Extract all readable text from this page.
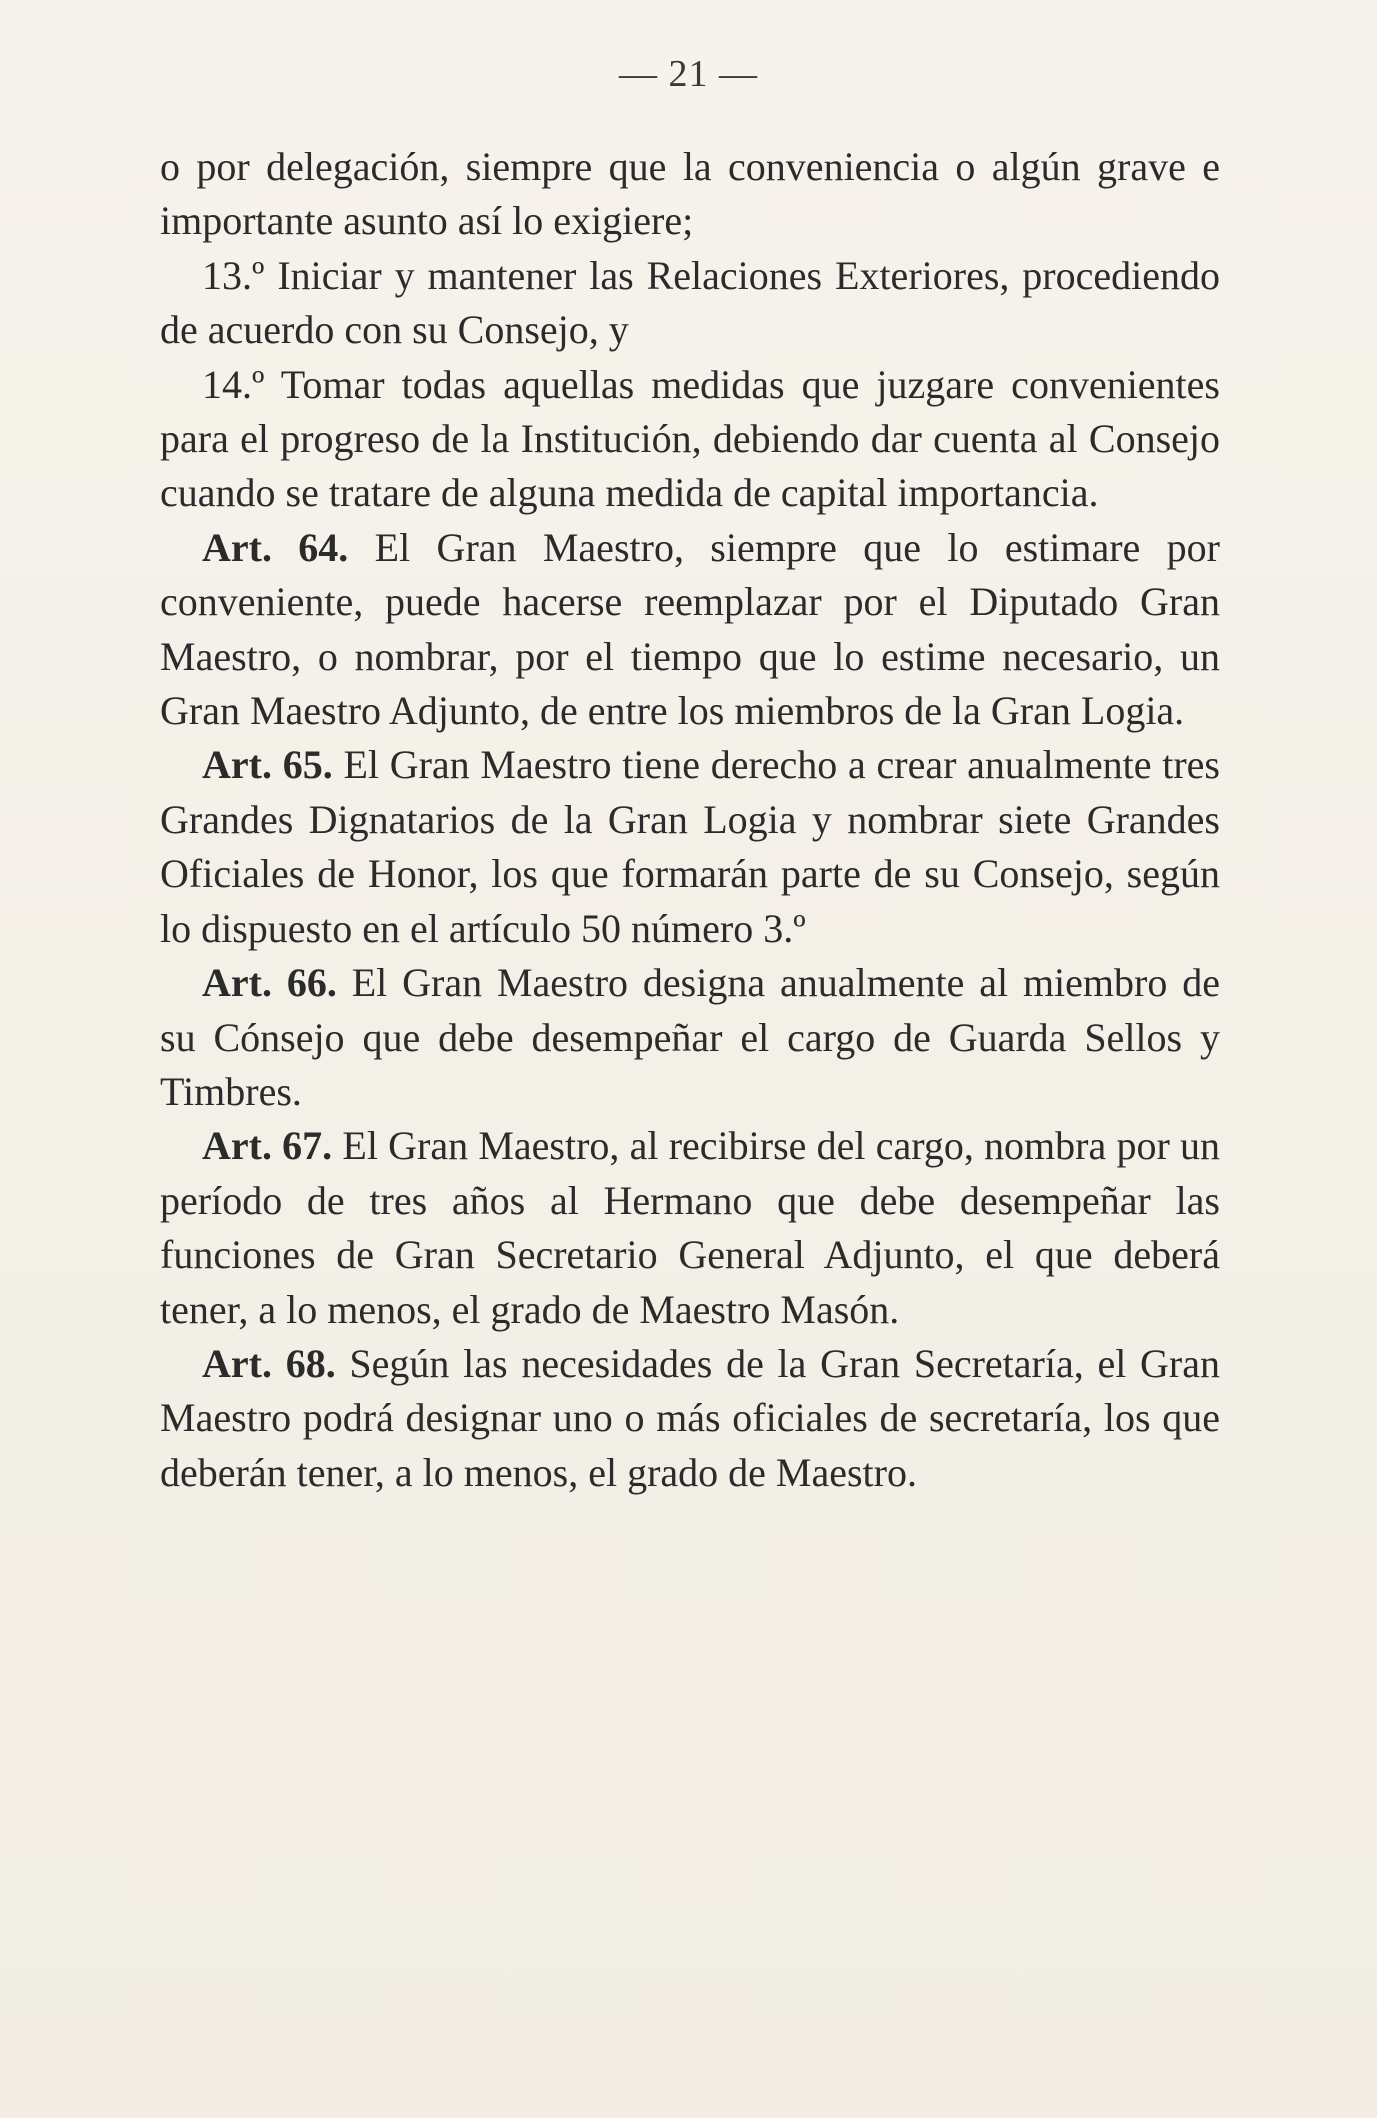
— 21 —

o por delegación, siempre que la conveniencia o algún grave e importante asunto así lo exigiere;

13.º Iniciar y mantener las Relaciones Exteriores, procediendo de acuerdo con su Consejo, y

14.º Tomar todas aquellas medidas que juzgare convenientes para el progreso de la Institución, debiendo dar cuenta al Consejo cuando se tratare de alguna medida de capital importancia.

Art. 64. El Gran Maestro, siempre que lo estimare por conveniente, puede hacerse reemplazar por el Diputado Gran Maestro, o nombrar, por el tiempo que lo estime necesario, un Gran Maestro Adjunto, de entre los miembros de la Gran Logia.

Art. 65. El Gran Maestro tiene derecho a crear anualmente tres Grandes Dignatarios de la Gran Logia y nombrar siete Grandes Oficiales de Honor, los que formarán parte de su Consejo, según lo dispuesto en el artículo 50 número 3.º

Art. 66. El Gran Maestro designa anualmente al miembro de su Cónsejo que debe desempeñar el cargo de Guarda Sellos y Timbres.

Art. 67. El Gran Maestro, al recibirse del cargo, nombra por un período de tres años al Hermano que debe desempeñar las funciones de Gran Secretario General Adjunto, el que deberá tener, a lo menos, el grado de Maestro Masón.

Art. 68. Según las necesidades de la Gran Secretaría, el Gran Maestro podrá designar uno o más oficiales de secretaría, los que deberán tener, a lo menos, el grado de Maestro.
